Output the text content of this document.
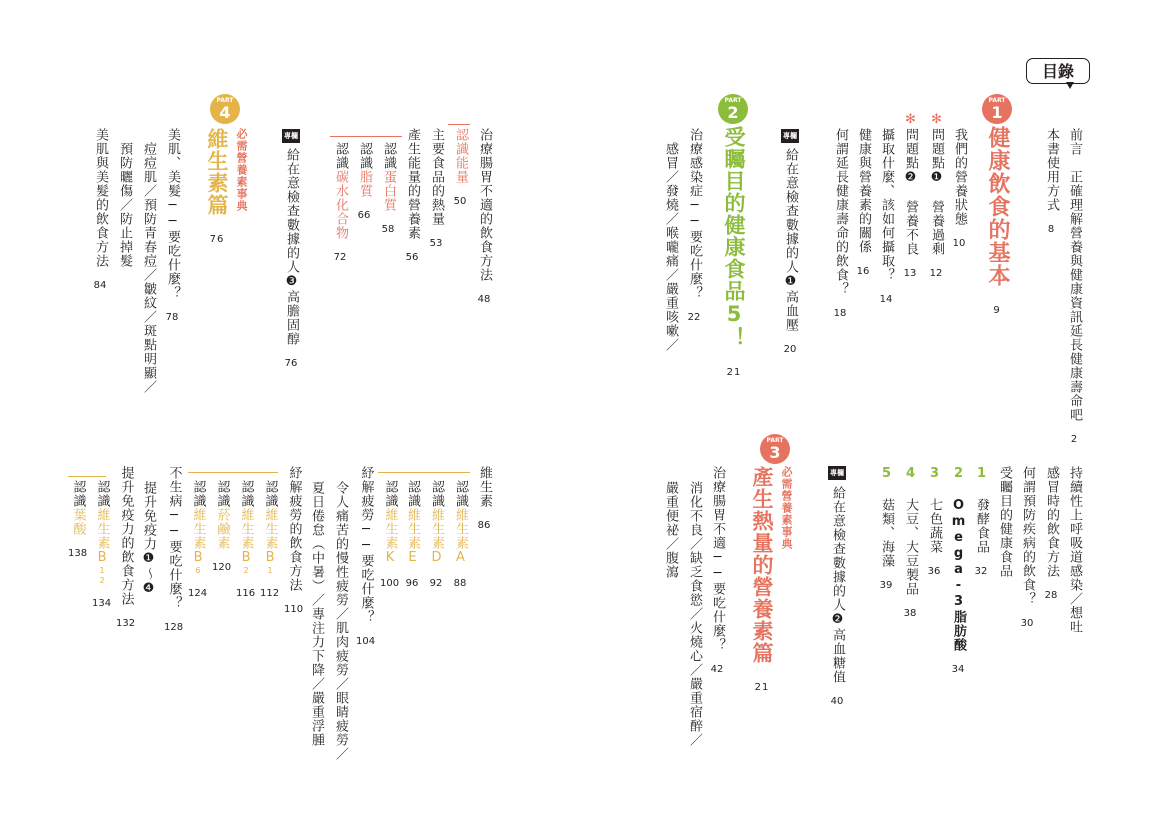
目錄
前言　正確理解營養與健康資訊延長健康壽命吧2
本書使用方式8
PART
1
健康飲食的基本9
我們的營養狀態10
✻問題點❶　營養過剩12
✻問題點❷　營養不良13
攝取什麼、該如何攝取？14
健康與營養素的關係16
何謂延長健康壽命的飲食？18
專欄
給在意檢查數據的人❶高血壓20
PART
2
受矚目的健康食品5！21
治療感染症──要吃什麼？22
感冒／發燒／喉嚨痛／嚴重咳嗽／
持續性上呼吸道感染／想吐
感冒時的飲食方法28
何謂預防疾病的飲食？30
受矚目的健康食品
1 發酵食品32
2 Omega-3脂肪酸34
3 七色蔬菜36
4 大豆、大豆製品38
5 菇類、海藻39
專欄
給在意檢查數據的人❷高血糖值40
PART
3
必需營養素事典
產生熱量的營養素篇21
治療腸胃不適──要吃什麼？42
消化不良／缺乏食慾／火燒心／嚴重宿醉／
嚴重便祕／腹瀉
治療腸胃不適的飲食方法48
認識能量50
主要食品的熱量53
產生能量的營養素56
認識蛋白質58
認識脂質66
認識碳水化合物72
專欄
給在意檢查數據的人❸高膽固醇76
PART
4
必需營養素事典
維生素篇76
美肌、美髮──要吃什麼？78
痘痘肌／預防青春痘／皺紋／斑點明顯／
預防曬傷／防止掉髮
美肌與美髮的飲食方法84
維生素86
認識維生素A88
認識維生素D92
認識維生素E96
認識維生素K100
紓解疲勞──要吃什麼？104
令人痛苦的慢性疲勞／肌肉疲勞／眼睛疲勞／
夏日倦怠（中暑）／專注力下降／嚴重浮腫
紓解疲勞的飲食方法110
認識維生素B1112
認識維生素B2116
認識菸鹼素120
認識維生素B6124
不生病──要吃什麼？128
提升免疫力❶～❹
提升免疫力的飲食方法132
認識維生素B12134
認識葉酸138
